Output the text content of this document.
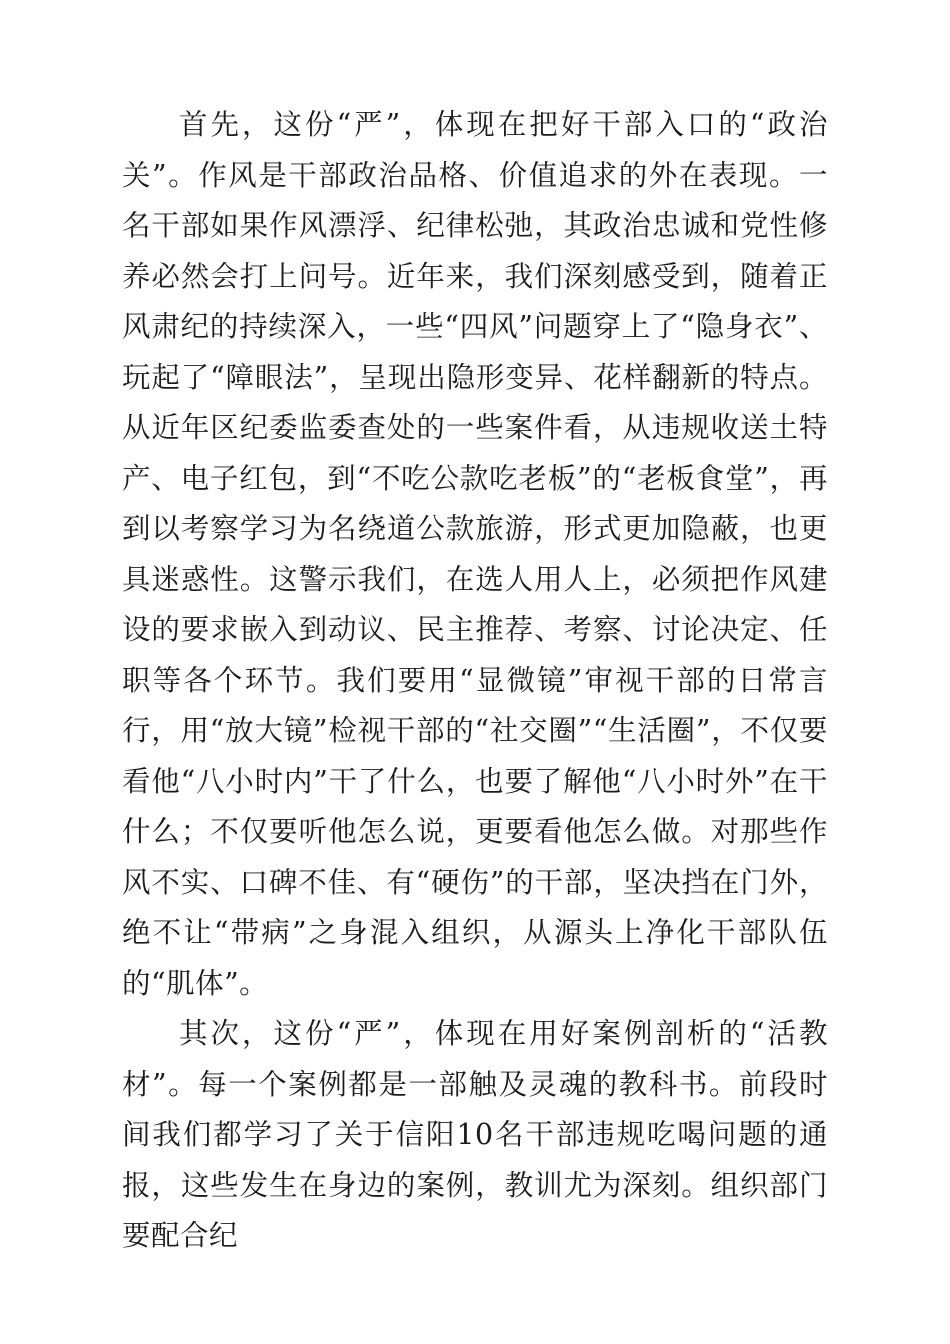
首先，这份“严”，体现在把好干部入口的“政治关”。作风是干部政治品格、价值追求的外在表现。一名干部如果作风漂浮、纪律松弛，其政治忠诚和党性修养必然会打上问号。近年来，我们深刻感受到，随着正风肃纪的持续深入，一些“四风”问题穿上了“隐身衣”、玩起了“障眼法”，呈现出隐形变异、花样翻新的特点。从近年区纪委监委查处的一些案件看，从违规收送土特产、电子红包，到“不吃公款吃老板”的“老板食堂”，再到以考察学习为名绕道公款旅游，形式更加隐蔽，也更具迷惑性。这警示我们，在选人用人上，必须把作风建设的要求嵌入到动议、民主推荐、考察、讨论决定、任职等各个环节。我们要用“显微镜”审视干部的日常言行，用“放大镜”检视干部的“社交圈”“生活圈”，不仅要看他“八小时内”干了什么，也要了解他“八小时外”在干什么；不仅要听他怎么说，更要看他怎么做。对那些作风不实、口碑不佳、有“硬伤”的干部，坚决挡在门外，绝不让“带病”之身混入组织，从源头上净化干部队伍的“肌体”。

其次，这份“严”，体现在用好案例剖析的“活教材”。每一个案例都是一部触及灵魂的教科书。前段时间我们都学习了关于信阳10名干部违规吃喝问题的通报，这些发生在身边的案例，教训尤为深刻。组织部门要配合纪
